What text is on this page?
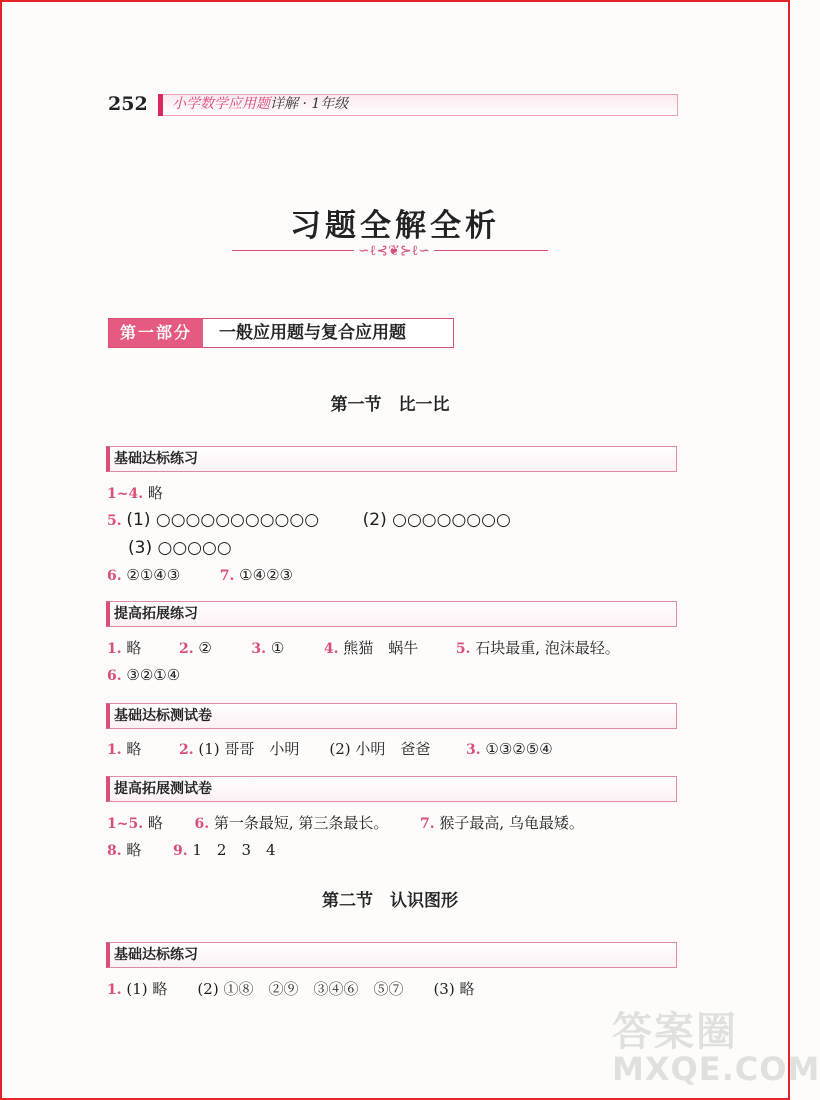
252 小学数学应用题详解 · 1年级
习题全解全析
∽ℓ⊰❦⊱ℓ∽
第一部分	一般应用题与复合应用题
第一节　比一比
基础达标练习
1~4. 略
5. (1) ○○○○○○○○○○○	(2) ○○○○○○○○
(3) ○○○○○
6. ②①④③	7. ①④②③
提高拓展练习
1. 略	2. ②	3. ①	4. 熊猫　蜗牛	5. 石块最重, 泡沫最轻。
6. ③②①④
基础达标测试卷
1. 略	2. (1) 哥哥　小明　　(2) 小明　爸爸	3. ①③②⑤④
提高拓展测试卷
1~5. 略 6. 第一条最短, 第三条最长。 7. 猴子最高, 乌龟最矮。
8. 略 9. 1　2　3　4
第二节　认识图形
基础达标练习
1. (1) 略　　(2) ①⑧　②⑨　③④⑥　⑤⑦　　(3) 略
答案圈
MXQE.COM
